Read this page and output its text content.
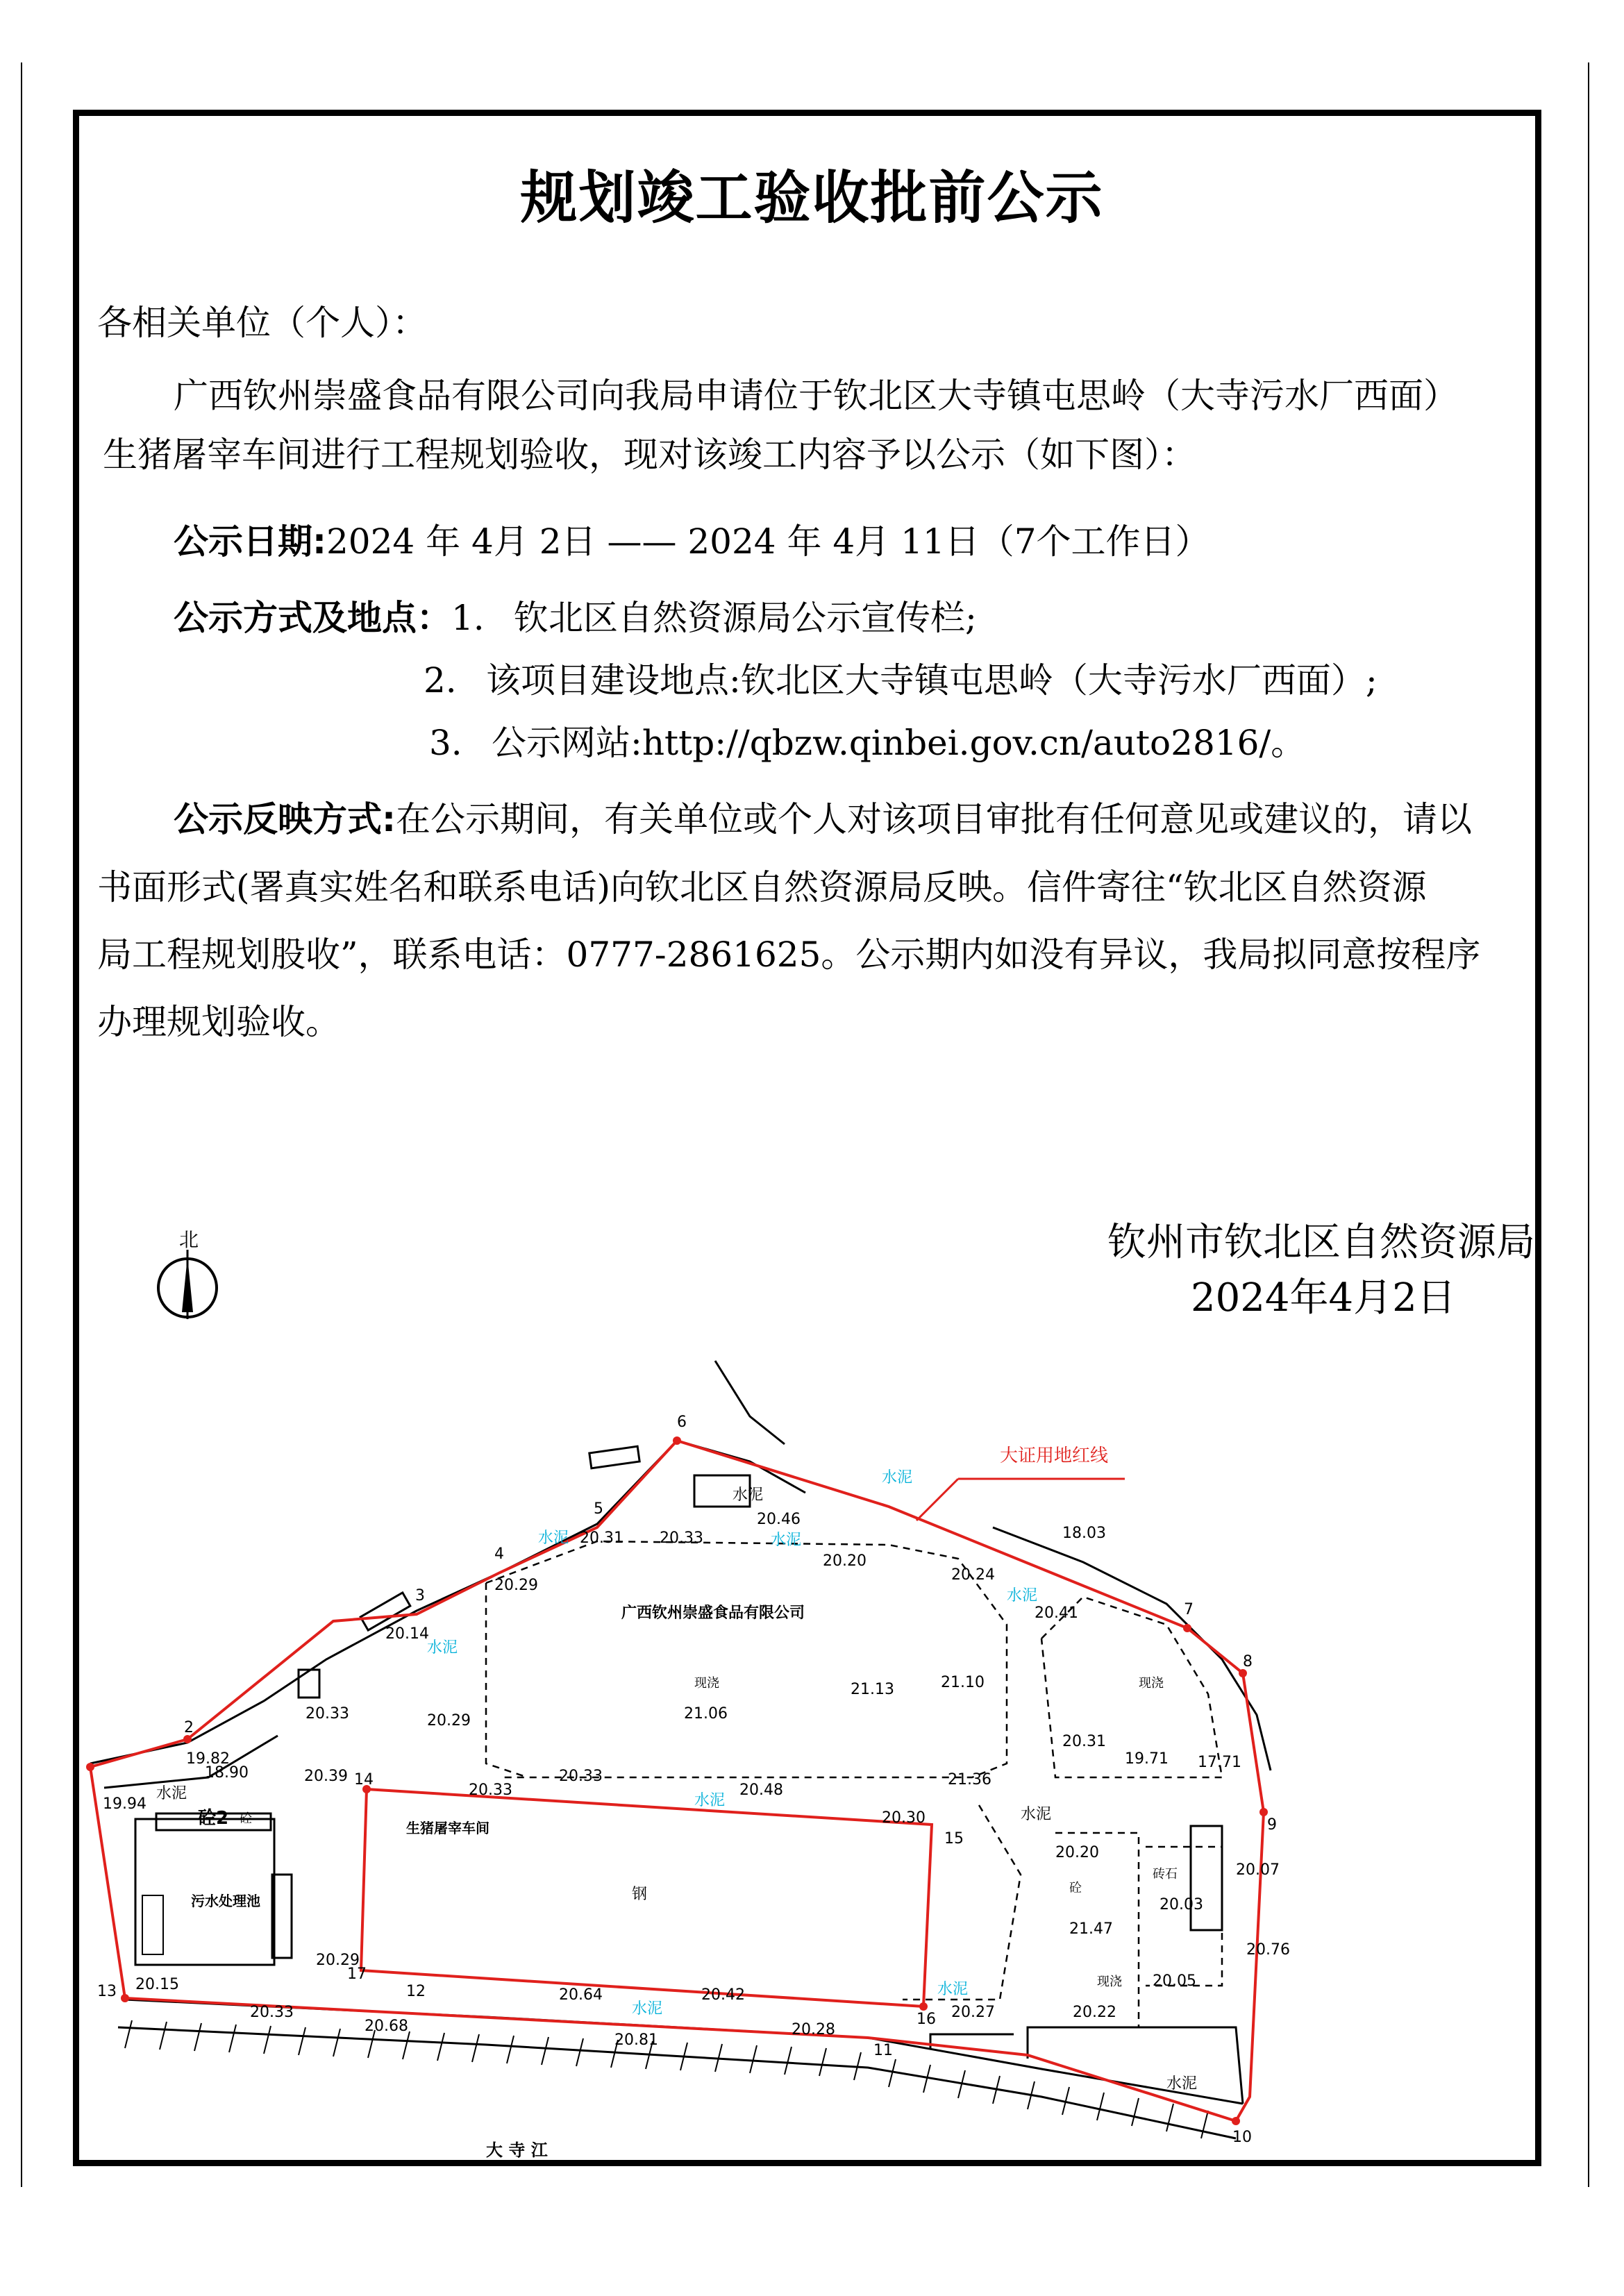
规划竣工验收批前公示
各相关单位（个人）：
广西钦州崇盛食品有限公司向我局申请位于钦北区大寺镇屯思岭（大寺污水厂西面）
生猪屠宰车间进行工程规划验收，现对该竣工内容予以公示（如下图）：
公示日期:2024 年 4月 2日 —— 2024 年 4月 11日（7个工作日）
公示方式及地点：1. 钦北区自然资源局公示宣传栏;
2. 该项目建设地点:钦北区大寺镇屯思岭（大寺污水厂西面）;
3. 公示网站:http://qbzw.qinbei.gov.cn/auto2816/。
公示反映方式:在公示期间，有关单位或个人对该项目审批有任何意见或建议的，请以
书面形式(署真实姓名和联系电话)向钦北区自然资源局反映。信件寄往“钦北区自然资源
局工程规划股收”，联系电话：0777-2861625。公示期内如没有异议，我局拟同意按程序
办理规划验收。
钦州市钦北区自然资源局
2024年4月2日
北
大证用地红线
广西钦州崇盛食品有限公司
生猪屠宰车间
钢
污水处理池
大 寺 江
水泥
水泥
水泥
水泥
水泥
水泥	水泥
水泥
水泥
水泥
水泥
水泥
砼
砼2
砼
现浇	现浇
现浇
砖石
2
3
4
5
6
7
8
9
10
11
12
13
14
15
16
17
20.31 20.33
20.46
20.20
18.03
20.29
20.24
20.41
20.14
21.13	21.10
21.06
20.33	20.29
20.31
19.82
18.90	20.39	20.33	21.36
19.71 17.71
19.94
20.48
20.30
20.33
20.20
20.07
21.47
20.03
20.29
20.64	20.42
20.76
20.05
20.27
20.15
20.22
20.33
20.68
20.81
20.28
